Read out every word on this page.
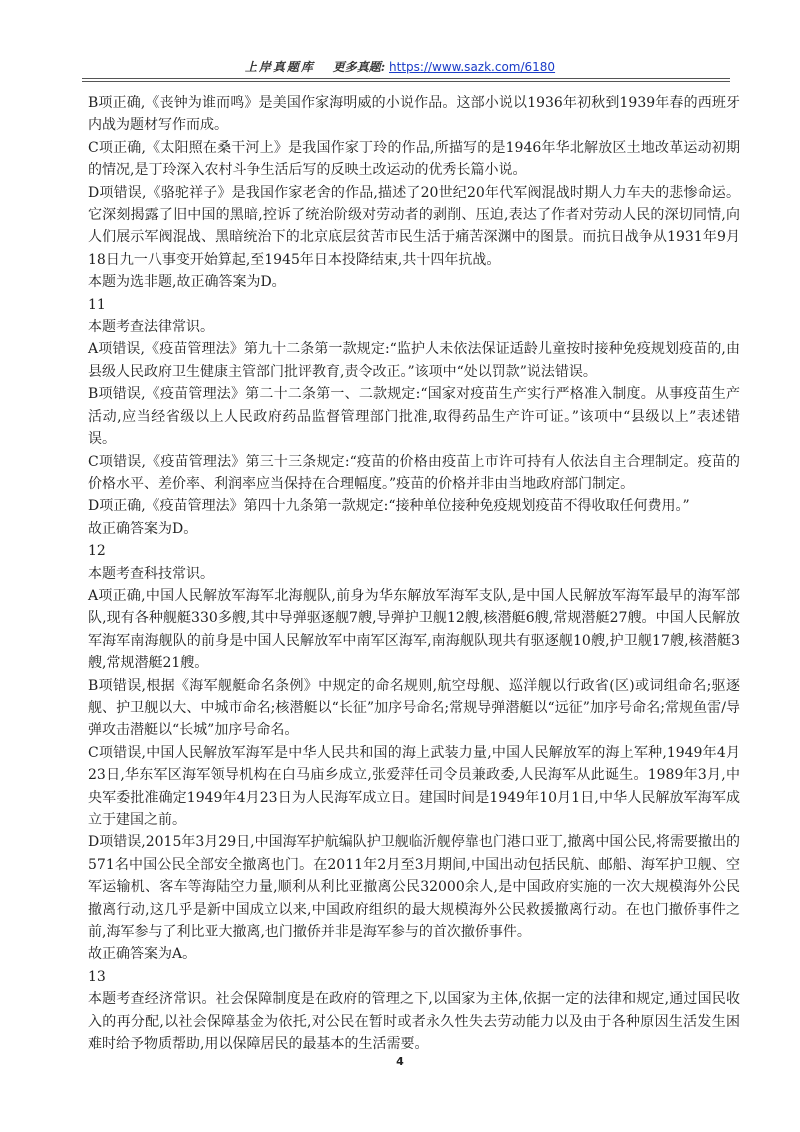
上岸真题库 更多真题: https://www.sazk.com/6180

B项正确,《丧钟为谁而鸣》是美国作家海明威的小说作品。这部小说以1936年初秋到1939年春的西班牙内战为题材写作而成。

C项正确,《太阳照在桑干河上》是我国作家丁玲的作品,所描写的是1946年华北解放区土地改革运动初期的情况,是丁玲深入农村斗争生活后写的反映土改运动的优秀长篇小说。

D项错误,《骆驼祥子》是我国作家老舍的作品,描述了20世纪20年代军阀混战时期人力车夫的悲惨命运。它深刻揭露了旧中国的黑暗,控诉了统治阶级对劳动者的剥削、压迫,表达了作者对劳动人民的深切同情,向人们展示军阀混战、黑暗统治下的北京底层贫苦市民生活于痛苦深渊中的图景。而抗日战争从1931年9月18日九一八事变开始算起,至1945年日本投降结束,共十四年抗战。

本题为选非题,故正确答案为D。

11

本题考查法律常识。

A项错误,《疫苗管理法》第九十二条第一款规定:“监护人未依法保证适龄儿童按时接种免疫规划疫苗的,由县级人民政府卫生健康主管部门批评教育,责令改正。”该项中“处以罚款”说法错误。

B项错误,《疫苗管理法》第二十二条第一、二款规定:“国家对疫苗生产实行严格准入制度。从事疫苗生产活动,应当经省级以上人民政府药品监督管理部门批准,取得药品生产许可证。”该项中“县级以上”表述错误。

C项错误,《疫苗管理法》第三十三条规定:“疫苗的价格由疫苗上市许可持有人依法自主合理制定。疫苗的价格水平、差价率、利润率应当保持在合理幅度。”疫苗的价格并非由当地政府部门制定。

D项正确,《疫苗管理法》第四十九条第一款规定:“接种单位接种免疫规划疫苗不得收取任何费用。”

故正确答案为D。

12

本题考查科技常识。

A项正确,中国人民解放军海军北海舰队,前身为华东解放军海军支队,是中国人民解放军海军最早的海军部队,现有各种舰艇330多艘,其中导弹驱逐舰7艘,导弹护卫舰12艘,核潜艇6艘,常规潜艇27艘。中国人民解放军海军南海舰队的前身是中国人民解放军中南军区海军,南海舰队现共有驱逐舰10艘,护卫舰17艘,核潜艇3艘,常规潜艇21艘。

B项错误,根据《海军舰艇命名条例》中规定的命名规则,航空母舰、巡洋舰以行政省(区)或词组命名;驱逐舰、护卫舰以大、中城市命名;核潜艇以“长征”加序号命名;常规导弹潜艇以“远征”加序号命名;常规鱼雷/导弹攻击潜艇以“长城”加序号命名。

C项错误,中国人民解放军海军是中华人民共和国的海上武装力量,中国人民解放军的海上军种,1949年4月23日,华东军区海军领导机构在白马庙乡成立,张爱萍任司令员兼政委,人民海军从此诞生。1989年3月,中央军委批准确定1949年4月23日为人民海军成立日。建国时间是1949年10月1日,中华人民解放军海军成立于建国之前。

D项错误,2015年3月29日,中国海军护航编队护卫舰临沂舰停靠也门港口亚丁,撤离中国公民,将需要撤出的571名中国公民全部安全撤离也门。在2011年2月至3月期间,中国出动包括民航、邮船、海军护卫舰、空军运输机、客车等海陆空力量,顺利从利比亚撤离公民32000余人,是中国政府实施的一次大规模海外公民撤离行动,这几乎是新中国成立以来,中国政府组织的最大规模海外公民救援撤离行动。在也门撤侨事件之前,海军参与了利比亚大撤离,也门撤侨并非是海军参与的首次撤侨事件。

故正确答案为A。

13

本题考查经济常识。社会保障制度是在政府的管理之下,以国家为主体,依据一定的法律和规定,通过国民收入的再分配,以社会保障基金为依托,对公民在暂时或者永久性失去劳动能力以及由于各种原因生活发生困难时给予物质帮助,用以保障居民的最基本的生活需要。

4
